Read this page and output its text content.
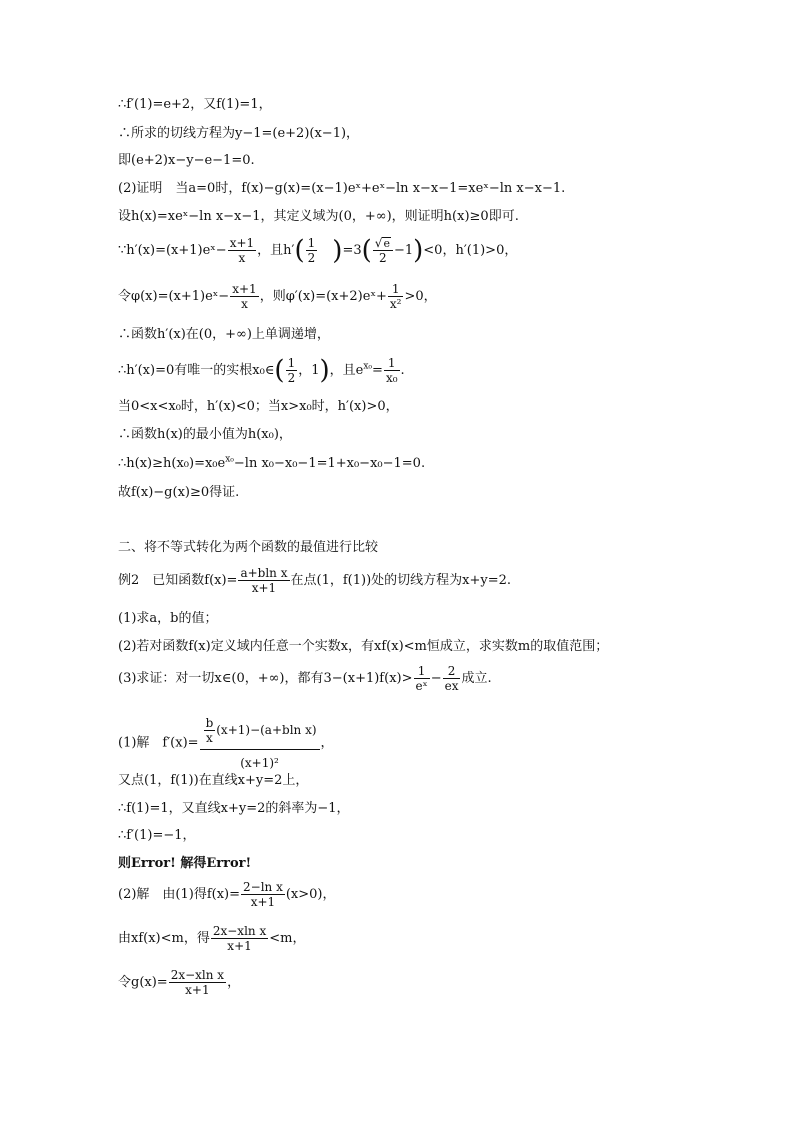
∴f′(1)=e+2，又f(1)=1，
∴所求的切线方程为y−1=(e+2)(x−1)，
即(e+2)x−y−e−1=0.
(2)证明　当a=0时，f(x)−g(x)=(x−1)eˣ+eˣ−ln x−x−1=xeˣ−ln x−x−1.
设h(x)=xeˣ−ln x−x−1，其定义域为(0，+∞)，则证明h(x)≥0即可.
∵h′(x)=(x+1)eˣ− $\frac{x+1}{x}$ ，且$h'( \frac{1}{2} )=3( \frac{√e}{2} -1)<0$，h′(1)>0，
令φ(x)=(x+1)eˣ− $\frac{x+1}{x}$ ，则φ′(x)=(x+2)eˣ+ $\frac{1}{\text{x²}} >0$，
∴函数h′(x)在(0，+∞)上单调递增，
∴h′(x)=0有唯一的实根x₀∈( $\frac{1}{2}$ ，1)，且$e^{x_0}= \frac{1}{\text{x₀}}$ .
当0<x<x₀时，h′(x)<0；当x>x₀时，h′(x)>0，
∴函数h(x)的最小值为h(x₀)，
$\therefore h(x)\ge h(x_0)=x_0e^{x_0}-\ln$ x₀−x₀−1=1+x₀−x₀−1=0.
故f(x)−g(x)≥0得证.
二、将不等式转化为两个函数的最值进行比较
例2　已知函数$f(x)= \frac{\text{a+bln x}}{x+1}$ 在点(1，f(1))处的切线方程为x+y=2.
(1)求a，b的值；
(2)若对函数f(x)定义域内任意一个实数x，有xf(x)<m恒成立，求实数m的取值范围；
(3)求证：对一切x∈(0，+∞)，都有$3-(x+1)f(x)> \frac{1}{\text{eˣ}} - \frac{2}{ex}$ 成立.
(1)解　$f'(x)= \frac{\frac{b}{x} (x+1)-(a+bln x)}{\text{(x+1)²}}$ ，
又点(1，f(1))在直线x+y=2上，
∴f(1)=1，又直线x+y=2的斜率为−1，
∴f′(1)=−1，
则Error! 解得Error!
(2)解　由(1)得$f(x)= \frac{\text{2−ln x}}{x+1} (x>0)$，
由xf(x)<m，得 $\frac{\text{2x−xln x}}{x+1} <m$，
令$g(x)= \frac{\text{2x−xln x}}{x+1}$ ，
